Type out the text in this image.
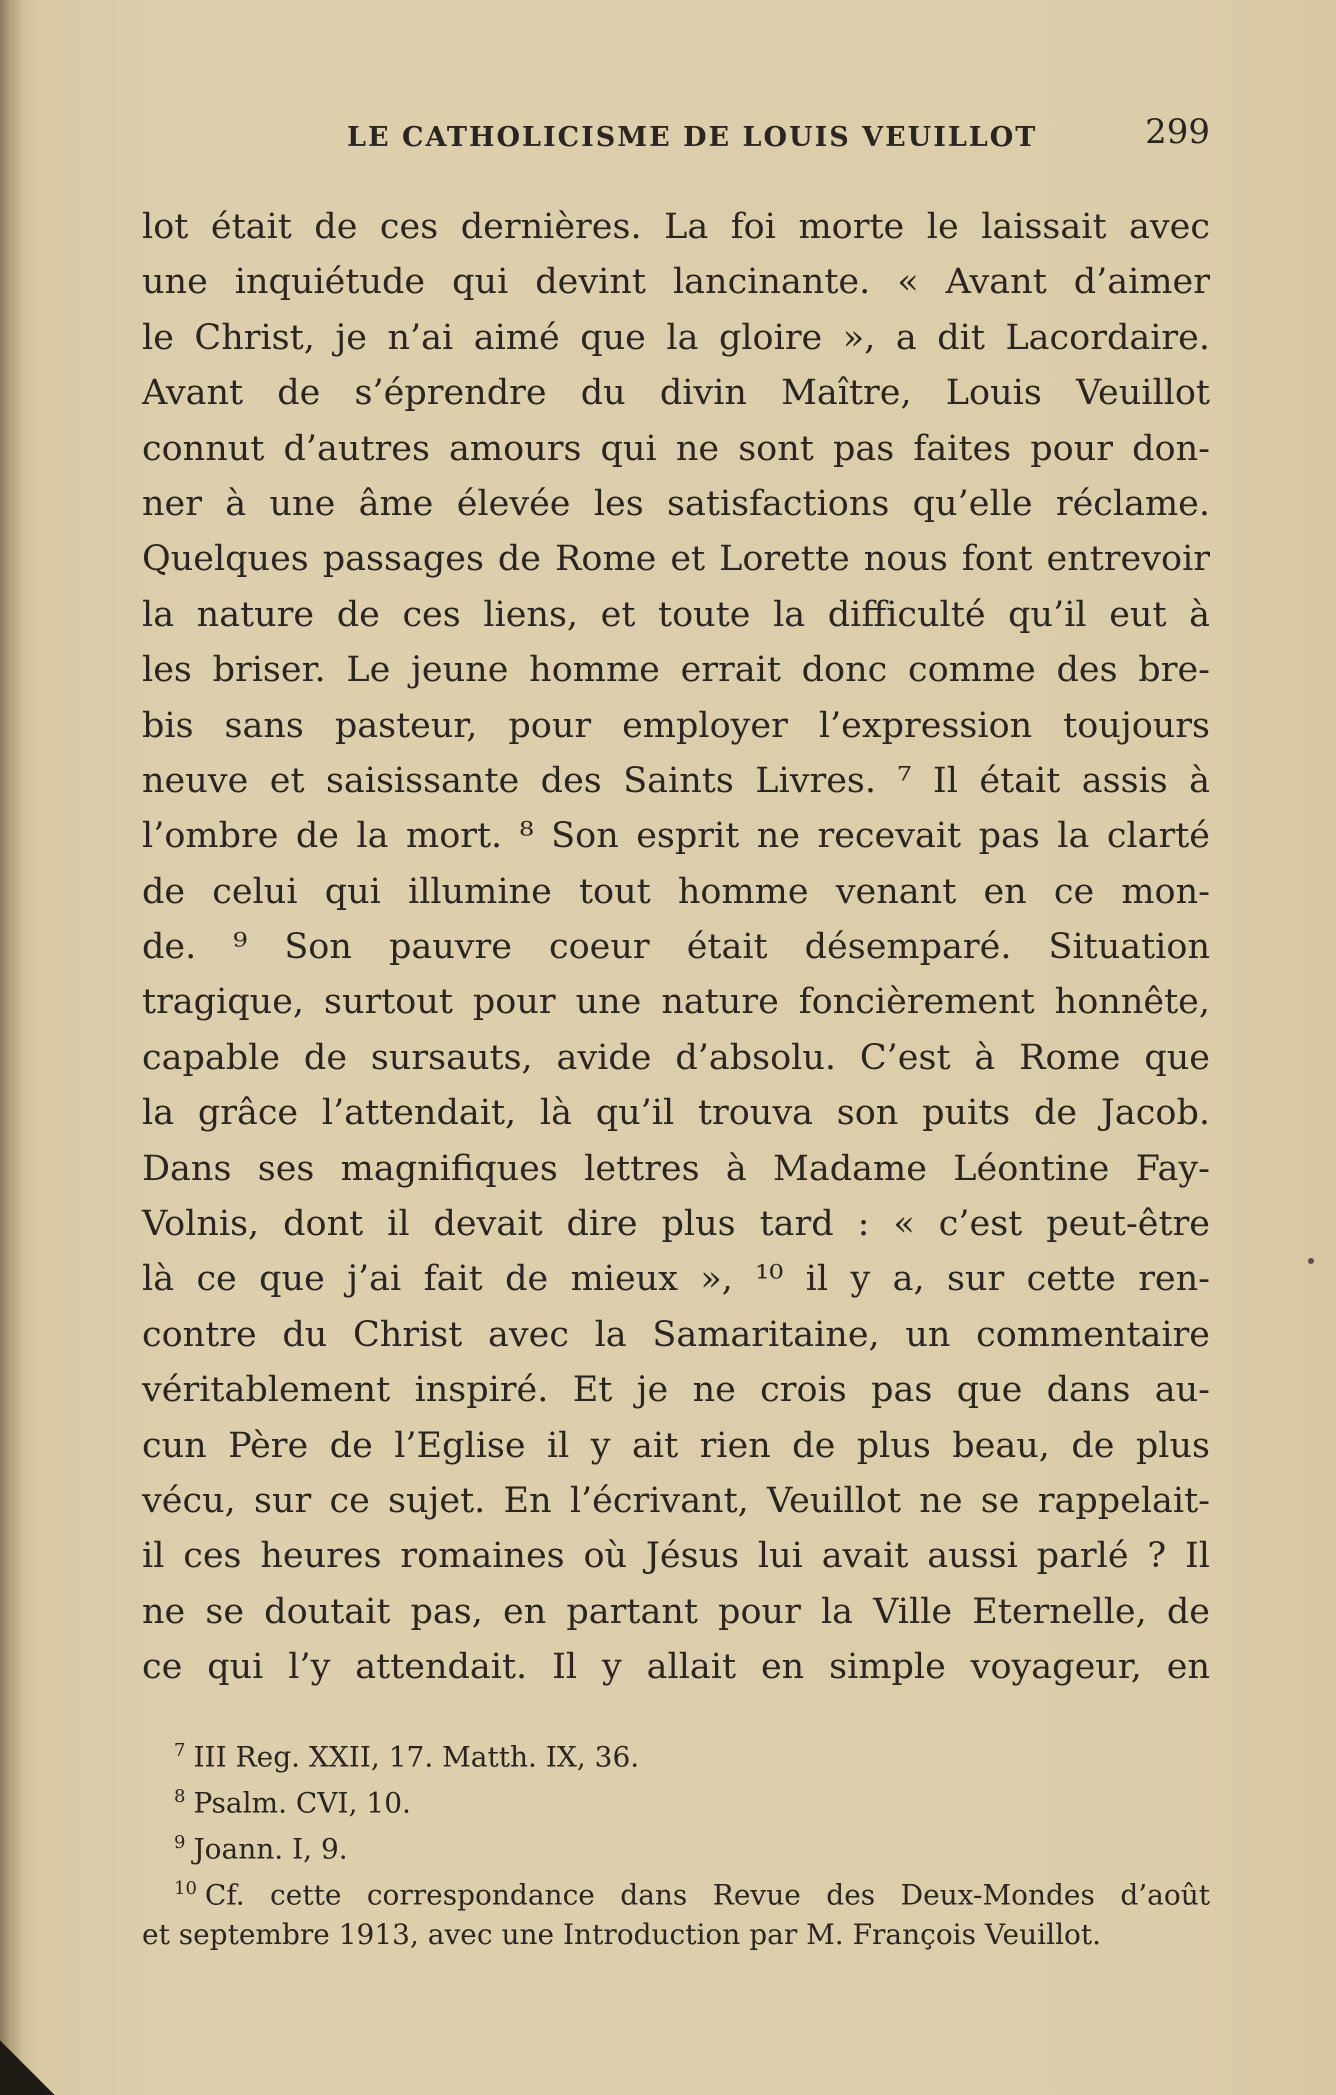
LE CATHOLICISME DE LOUIS VEUILLOT	299
lot était de ces dernières. La foi morte le laissait avec
une inquiétude qui devint lancinante. « Avant d’aimer
le Christ, je n’ai aimé que la gloire », a dit Lacordaire.
Avant de s’éprendre du divin Maître, Louis Veuillot
connut d’autres amours qui ne sont pas faites pour don-
ner à une âme élevée les satisfactions qu’elle réclame.
Quelques passages de Rome et Lorette nous font entrevoir
la nature de ces liens, et toute la difficulté qu’il eut à
les briser. Le jeune homme errait donc comme des bre-
bis sans pasteur, pour employer l’expression toujours
neuve et saisissante des Saints Livres. ⁷ Il était assis à
l’ombre de la mort. ⁸ Son esprit ne recevait pas la clarté
de celui qui illumine tout homme venant en ce mon-
de. ⁹ Son pauvre coeur était désemparé. Situation
tragique, surtout pour une nature foncièrement honnête,
capable de sursauts, avide d’absolu. C’est à Rome que
la grâce l’attendait, là qu’il trouva son puits de Jacob.
Dans ses magnifiques lettres à Madame Léontine Fay-
Volnis, dont il devait dire plus tard : « c’est peut-être
là ce que j’ai fait de mieux », ¹⁰ il y a, sur cette ren-
contre du Christ avec la Samaritaine, un commentaire
véritablement inspiré. Et je ne crois pas que dans au-
cun Père de l’Eglise il y ait rien de plus beau, de plus
vécu, sur ce sujet. En l’écrivant, Veuillot ne se rappelait-
il ces heures romaines où Jésus lui avait aussi parlé ? Il
ne se doutait pas, en partant pour la Ville Eternelle, de
ce qui l’y attendait. Il y allait en simple voyageur, en
$^7$ III Reg. XXII, 17. Matth. IX, 36.
$^8$ Psalm. CVI, 10.
$^9$ Joann. I, 9.
$^{10}$ Cf. cette correspondance dans Revue des Deux-Mondes d’août
et septembre 1913, avec une Introduction par M. François Veuillot.
